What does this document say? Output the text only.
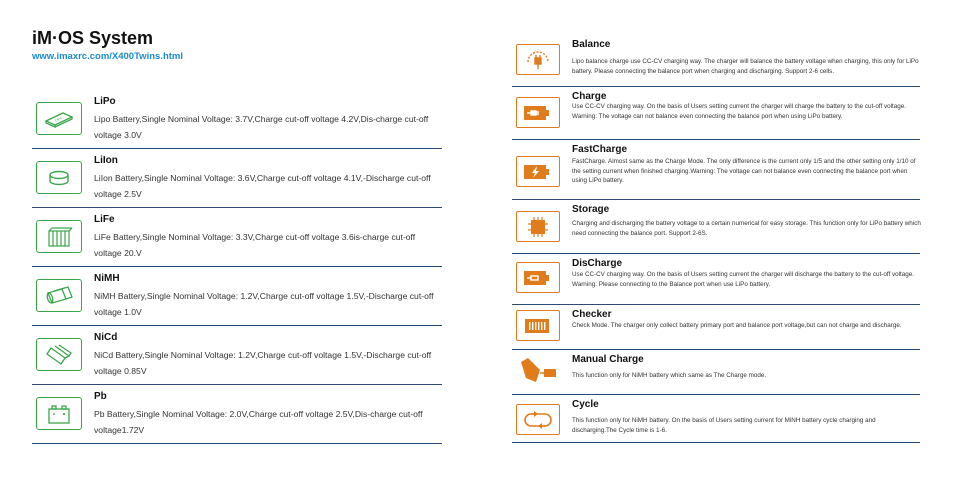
iM·OS System
www.imaxrc.com/X400Twins.html
LiPo
LiPo
Lipo Battery,Single Nominal Voltage: 3.7V,Charge cut-off voltage 4.2V,Dis-charge cut-off voltage 3.0V
LiIon
LiIon Battery,Single Nominal Voltage: 3.6V,Charge cut-off voltage 4.1V,-Discharge cut-off voltage 2.5V
LiFe
LiFe Battery,Single Nominal Voltage: 3.3V,Charge cut-off voltage 3.6is-charge cut-off voltage 20.V
NiMH
NiMH Battery,Single Nominal Voltage: 1.2V,Charge cut-off voltage 1.5V,-Discharge cut-off voltage 1.0V
NiCd
NiCd Battery,Single Nominal Voltage: 1.2V,Charge cut-off voltage 1.5V,-Discharge cut-off voltage 0.85V
Pb
Pb Battery,Single Nominal Voltage: 2.0V,Charge cut-off voltage 2.5V,Dis-charge cut-off voltage1.72V
Balance
Lipo balance charge use CC-CV charging way. The charger will balance the battery voltage when charging, this only for LiPo battery. Please connecting the balance port when charging and discharging. Support 2-6 cells.
Charge
Use CC-CV charging way. On the basis of Users setting current the charger will charge the battery to the cut-off voltage. Warning: The voltage can not balance even connecting the balance port when using LiPo battery.
FastCharge
FastCharge. Almost same as the Charge Mode. The only difference is the current only 1/5 and the other setting only 1/10 of the setting current when finished charging.Warning: The voltage can not balance even connecting the balance port when using LiPo battery.
Storage
Charging and discharging the battery voltage to a certain numerical for easy storage. This function only for LiPo battery which need connecting the balance port. Support 2-6S.
DisCharge
Use CC-CV charging way. On the basis of Users setting current the charger will discharge the battery to the cut-off voltage. Warning: Please connecting to the Balance port when use LiPo battery.
Checker
Check Mode. The charger only collect battery primary port and balance port voltage,but can not charge and discharge.
Manual Charge
This function only for NiMH battery which same as The Charge mode.
Cycle
This function only for NiMH battery. On the basis of Users setting current for MiNH battery cycle charging and discharging.The Cycle time is 1-6.
